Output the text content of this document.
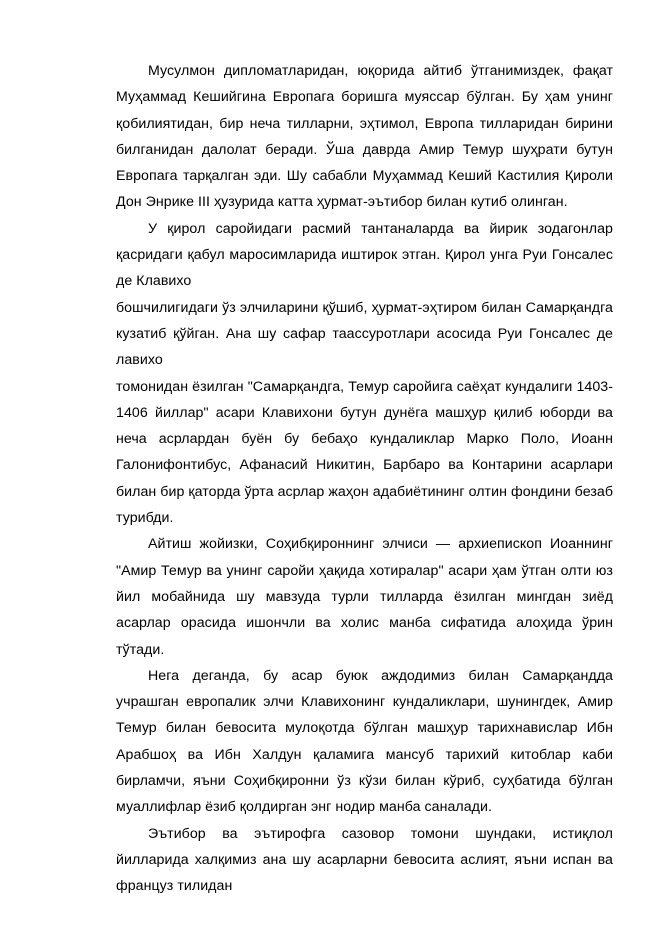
Мусулмон дипломатларидан, юқорида айтиб ўтганимиздек, фақат Муҳаммад Кешийгина Европага боришга муяссар бўлган. Бу ҳам унинг қобилиятидан, бир неча тилларни, эҳтимол, Европа тилларидан бирини билганидан далолат беради. Ўша даврда Амир Темур шуҳрати бутун Европага тарқалган эди. Шу сабабли Муҳаммад Кеший Кастилия Қироли Дон Энрике III ҳузурида катта ҳурмат-эътибор билан кутиб олинган.

У қирол саройидаги расмий тантаналарда ва йирик зодагонлар қасридаги қабул маросимларида иштирок этган. Қирол унга Руи Гонсалес де Клавихо

бошчилигидаги ўз элчиларини қўшиб, ҳурмат-эҳтиром билан Самарқандга кузатиб қўйган. Ана шу сафар таассуротлари асосида Руи Гонсалес де лавихо

томонидан ёзилган "Самарқандга, Темур саройига саёҳат кундалиги 1403-1406 йиллар" асари Клавихони бутун дунёга машҳур қилиб юборди ва неча асрлардан буён бу бебаҳо кундаликлар Марко Поло, Иоанн Галонифонтибус, Афанасий Никитин, Барбаро ва Контарини асарлари билан бир қаторда ўрта асрлар жаҳон адабиётининг олтин фондини безаб турибди.

Айтиш жойизки, Соҳибқироннинг элчиси — архиепископ Иоаннинг "Амир Темур ва унинг саройи ҳақида хотиралар" асари ҳам ўтган олти юз йил мобайнида шу мавзуда турли тилларда ёзилган мингдан зиёд асарлар орасида ишончли ва холис манба сифатида алоҳида ўрин тўтади.

Нега деганда, бу асар буюк аждодимиз билан Самарқандда учрашган европалик элчи Клавихонинг кундаликлари, шунингдек, Амир Темур билан бевосита мулоқотда бўлган машҳур тарихнавислар Ибн Арабшоҳ ва Ибн Халдун қаламига мансуб тарихий китоблар каби бирламчи, яъни Соҳибқиронни ўз кўзи билан кўриб, суҳбатида бўлган муаллифлар ёзиб қолдирган энг нодир манба саналади.

Эътибор ва эътирофга сазовор томони шундаки, истиқлол йилларида халқимиз ана шу асарларни бевосита аслият, яъни испан ва француз тилидан
